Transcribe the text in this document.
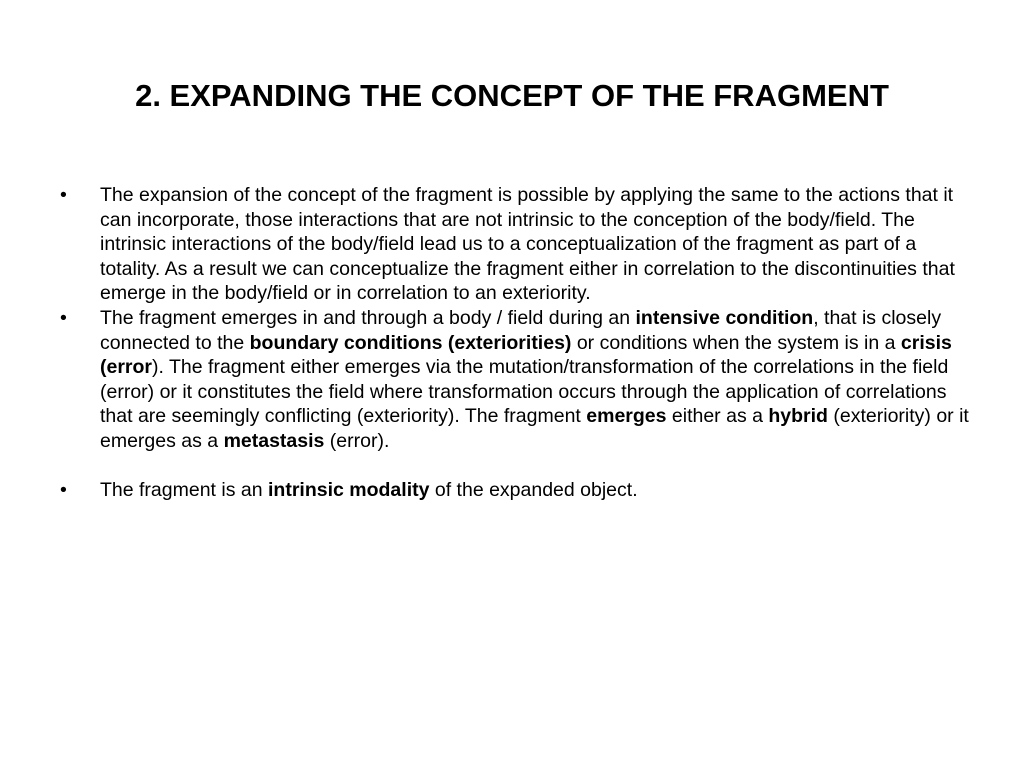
2. EXPANDING THE CONCEPT OF THE FRAGMENT
• The expansion of the concept of the fragment is possible by applying the same to the actions that it can incorporate, those interactions that are not intrinsic to the conception of the body/field. The intrinsic interactions of the body/field lead us to a conceptualization of the fragment as part of a totality. As a result we can conceptualize the fragment either in correlation to the discontinuities that emerge in the body/field or in correlation to an exteriority.
• The fragment emerges in and through a body / field during an intensive condition, that is closely connected to the boundary conditions (exteriorities) or conditions when the system is in a crisis (error). The fragment either emerges via the mutation/transformation of the correlations in the field (error) or it constitutes the field where transformation occurs through the application of correlations that are seemingly conflicting (exteriority). The fragment emerges either as a hybrid (exteriority) or it emerges as a metastasis (error).
• The fragment is an intrinsic modality of the expanded object.
